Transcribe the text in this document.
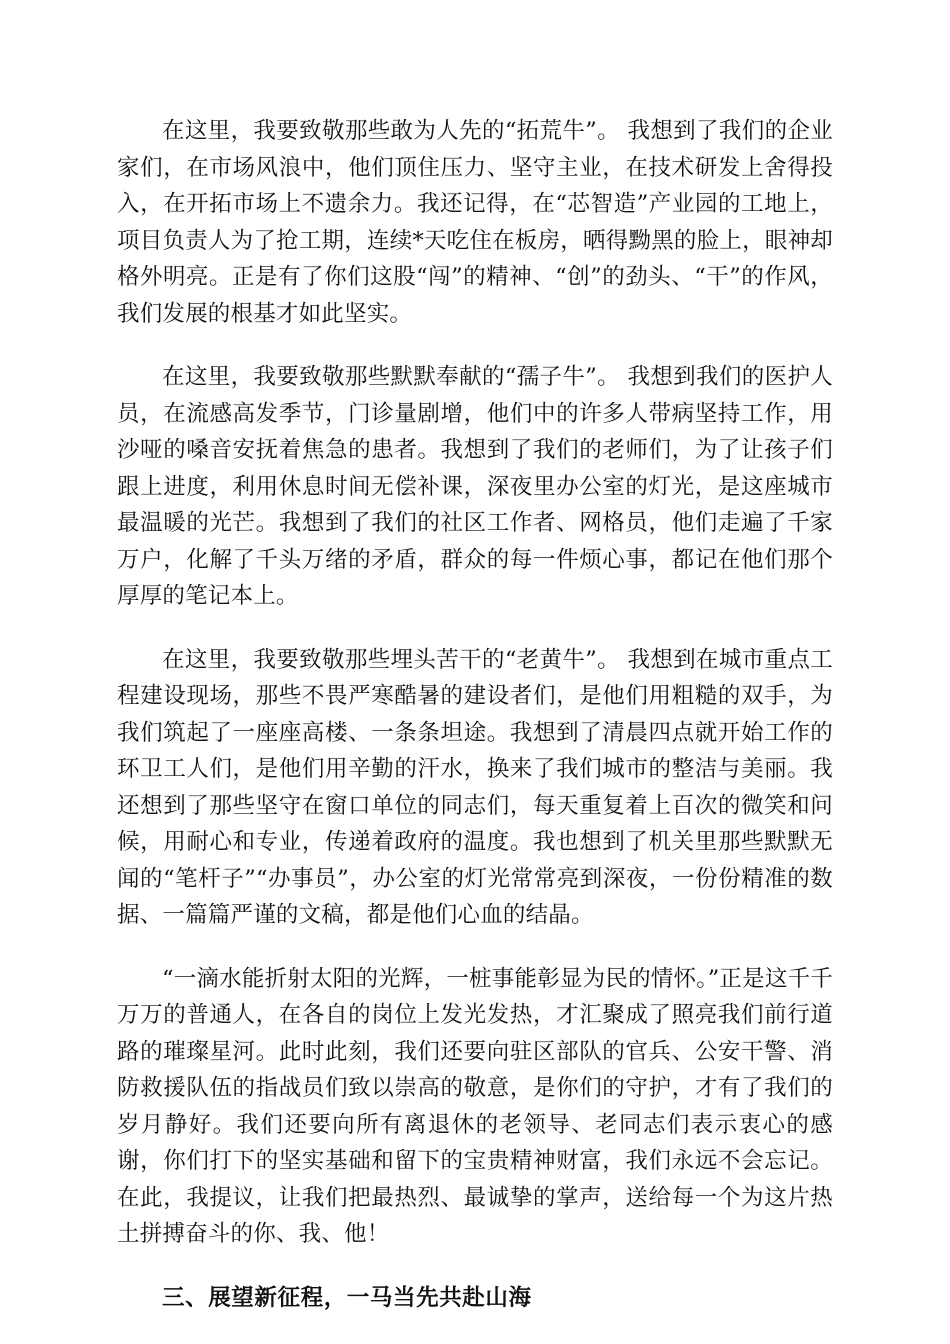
在这里，我要致敬那些敢为人先的“拓荒牛”。 我想到了我们的企业家们，在市场风浪中，他们顶住压力、坚守主业，在技术研发上舍得投入，在开拓市场上不遗余力。我还记得，在“芯智造”产业园的工地上，项目负责人为了抢工期，连续*天吃住在板房，晒得黝黑的脸上，眼神却格外明亮。正是有了你们这股“闯”的精神、“创”的劲头、“干”的作风，我们发展的根基才如此坚实。

在这里，我要致敬那些默默奉献的“孺子牛”。 我想到我们的医护人员，在流感高发季节，门诊量剧增，他们中的许多人带病坚持工作，用沙哑的嗓音安抚着焦急的患者。我想到了我们的老师们，为了让孩子们跟上进度，利用休息时间无偿补课，深夜里办公室的灯光，是这座城市最温暖的光芒。我想到了我们的社区工作者、网格员，他们走遍了千家万户，化解了千头万绪的矛盾，群众的每一件烦心事，都记在他们那个厚厚的笔记本上。

在这里，我要致敬那些埋头苦干的“老黄牛”。 我想到在城市重点工程建设现场，那些不畏严寒酷暑的建设者们，是他们用粗糙的双手，为我们筑起了一座座高楼、一条条坦途。我想到了清晨四点就开始工作的环卫工人们，是他们用辛勤的汗水，换来了我们城市的整洁与美丽。我还想到了那些坚守在窗口单位的同志们，每天重复着上百次的微笑和问候，用耐心和专业，传递着政府的温度。我也想到了机关里那些默默无闻的“笔杆子”“办事员”，办公室的灯光常常亮到深夜，一份份精准的数据、一篇篇严谨的文稿，都是他们心血的结晶。

“一滴水能折射太阳的光辉，一桩事能彰显为民的情怀。”正是这千千万万的普通人，在各自的岗位上发光发热，才汇聚成了照亮我们前行道路的璀璨星河。此时此刻，我们还要向驻区部队的官兵、公安干警、消防救援队伍的指战员们致以崇高的敬意，是你们的守护，才有了我们的岁月静好。我们还要向所有离退休的老领导、老同志们表示衷心的感谢，你们打下的坚实基础和留下的宝贵精神财富，我们永远不会忘记。在此，我提议，让我们把最热烈、最诚挚的掌声，送给每一个为这片热土拼搏奋斗的你、我、他！

三、展望新征程，一马当先共赴山海
